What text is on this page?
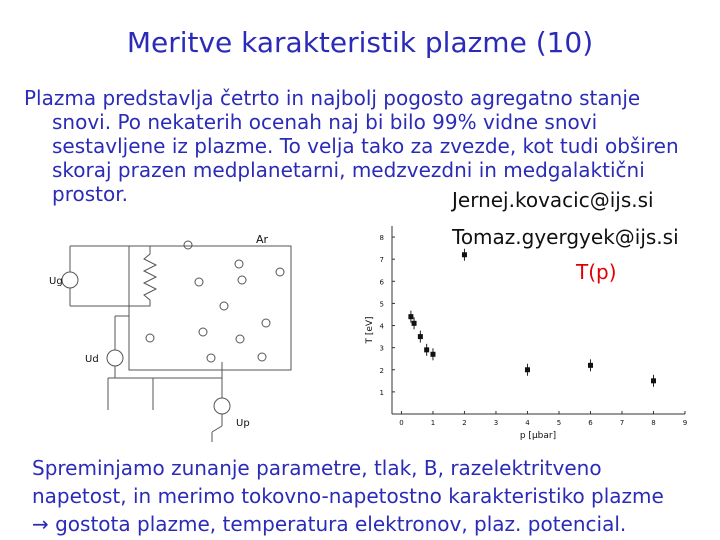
Meritve karakteristik plazme (10)

Plazma predstavlja četrto in najbolj pogosto agregatno stanje snovi. Po nekaterih ocenah naj bi bilo 99% vidne snovi sestavljene iz plazme. To velja tako za zvezde, kot tudi obširen skoraj prazen medplanetarni, medzvezdni in medgalaktični prostor.	Jernej.kovacic@ijs.si
Tomaz.gyergyek@ijs.si
T(p)
Ar
Ug
Ud
Up	0	1	2	3	4	5	6	7	8	9
1
2
3
4
5
6
7
8
T [eV]
p [µbar]
Spreminjamo zunanje parametre, tlak, B, razelektritveno
napetost, in merimo tokovno-napetostno karakteristiko plazme
→ gostota plazme, temperatura elektronov, plaz. potencial.
